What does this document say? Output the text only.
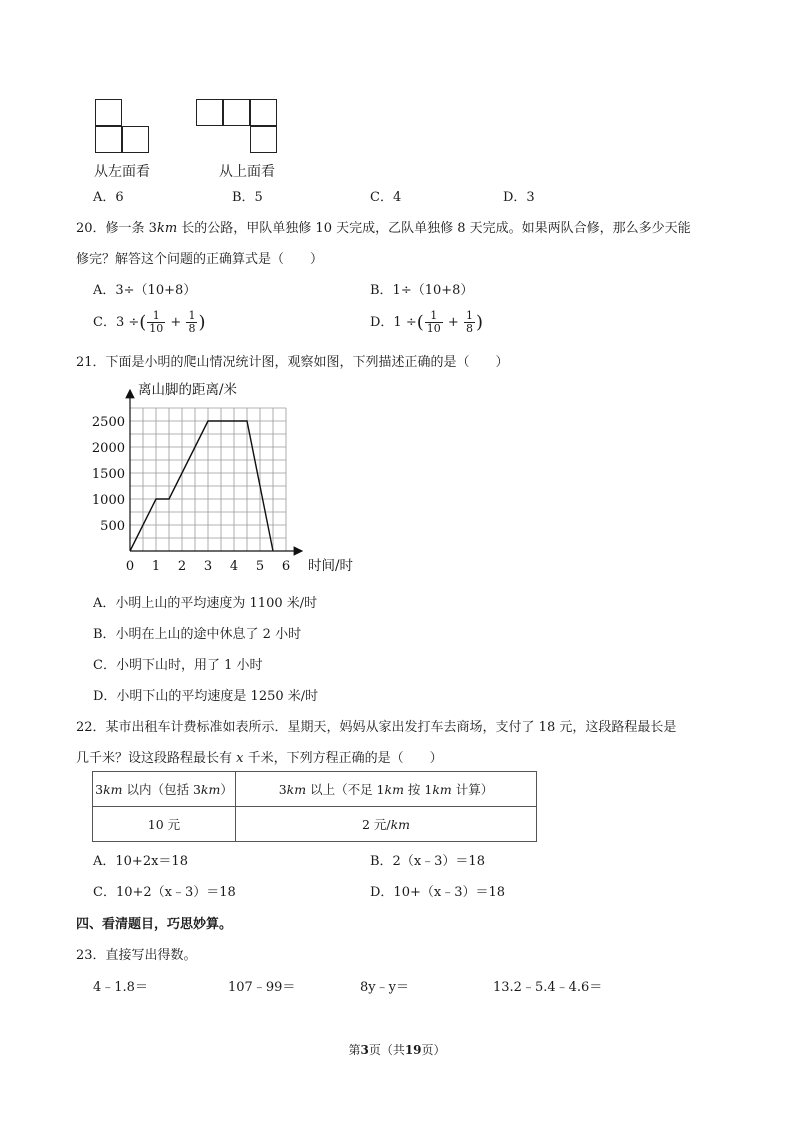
从左面看	从上面看
A．6	B．5	C．4	D．3
20．修一条 3km 长的公路，甲队单独修 10 天完成，乙队单独修 8 天完成。如果两队合修，那么多少天能
修完？解答这个问题的正确算式是（　　）
A．3÷（10+8）	B．1÷（10+8）
C．3 ÷( $\frac{1}{10} + \frac{1}{8}$ )	D．1 ÷( $\frac{1}{10} + \frac{1}{8}$ )
21．下面是小明的爬山情况统计图，观察如图，下列描述正确的是（　　）
0 1 2 3 4 5 6
500
1000
1500
2000
2500
离山脚的距离/米
时间/时
A．小明上山的平均速度为 1100 米/时
B．小明在上山的途中休息了 2 小时
C．小明下山时，用了 1 小时
D．小明下山的平均速度是 1250 米/时
22．某市出租车计费标准如表所示．星期天，妈妈从家出发打车去商场，支付了 18 元，这段路程最长是
几千米？设这段路程最长有 x 千米，下列方程正确的是（　　）
3km 以内（包括 3km）	3km 以上（不足 1km 按 1km 计算）
10 元	2 元/km
A．10+2x＝18	B．2（x﹣3）＝18
C．10+2（x﹣3）＝18	D．10+（x﹣3）＝18
四、看清题目，巧思妙算。
23．直接写出得数。
4﹣1.8＝	107﹣99＝	8y﹣y＝	13.2﹣5.4﹣4.6＝
第3页（共19页）
